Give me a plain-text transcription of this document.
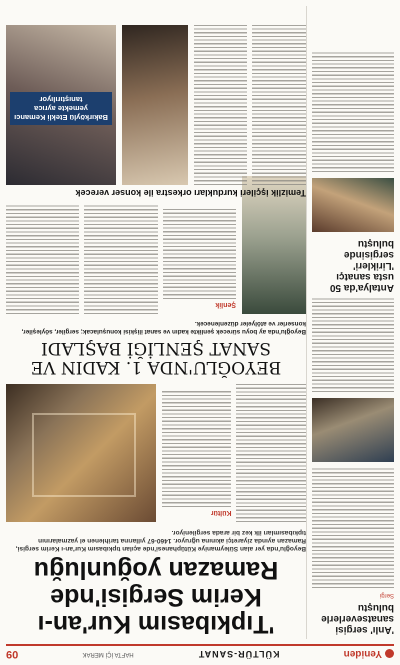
Yeniden
KÜLTÜR-SANAT
HAFTA İÇİ MERAK
09
'Anlı' sergisi sanatseverlerle buluştu
Sergi
Antalya'da 50 usta sanatçı 'Lirikleri' sergisinde buluştu
'Tıpkıbasım Kur'an-ı Kerim Sergisi'nde Ramazan yoğunluğu
Beyoğlu'nda yer alan Süleymaniye Kütüphanesi'nde açılan tıpkıbasım Kur'an-ı Kerim sergisi, Ramazan ayında ziyaretçi akınına uğruyor. 1460-67 yıllarına tarihlenen el yazmalarının tıpkıbasımları ilk kez bir arada sergileniyor.
Kültür
BEYOĞLU'NDA 1. KADIN VE SANAT ŞENLİĞİ BAŞLADI
Beyoğlu'nda ay boyu sürecek şenlikte kadın ve sanat ilişkisi konuşulacak; sergiler, söyleşiler, konserler ve atölyeler düzenlenecek.
Şenlik
Temizlik işçileri kurdukları orkestra ile konser verecek
Bakırköylü Etekli Kemancı yemekte ayrıca tanıştırılıyor
